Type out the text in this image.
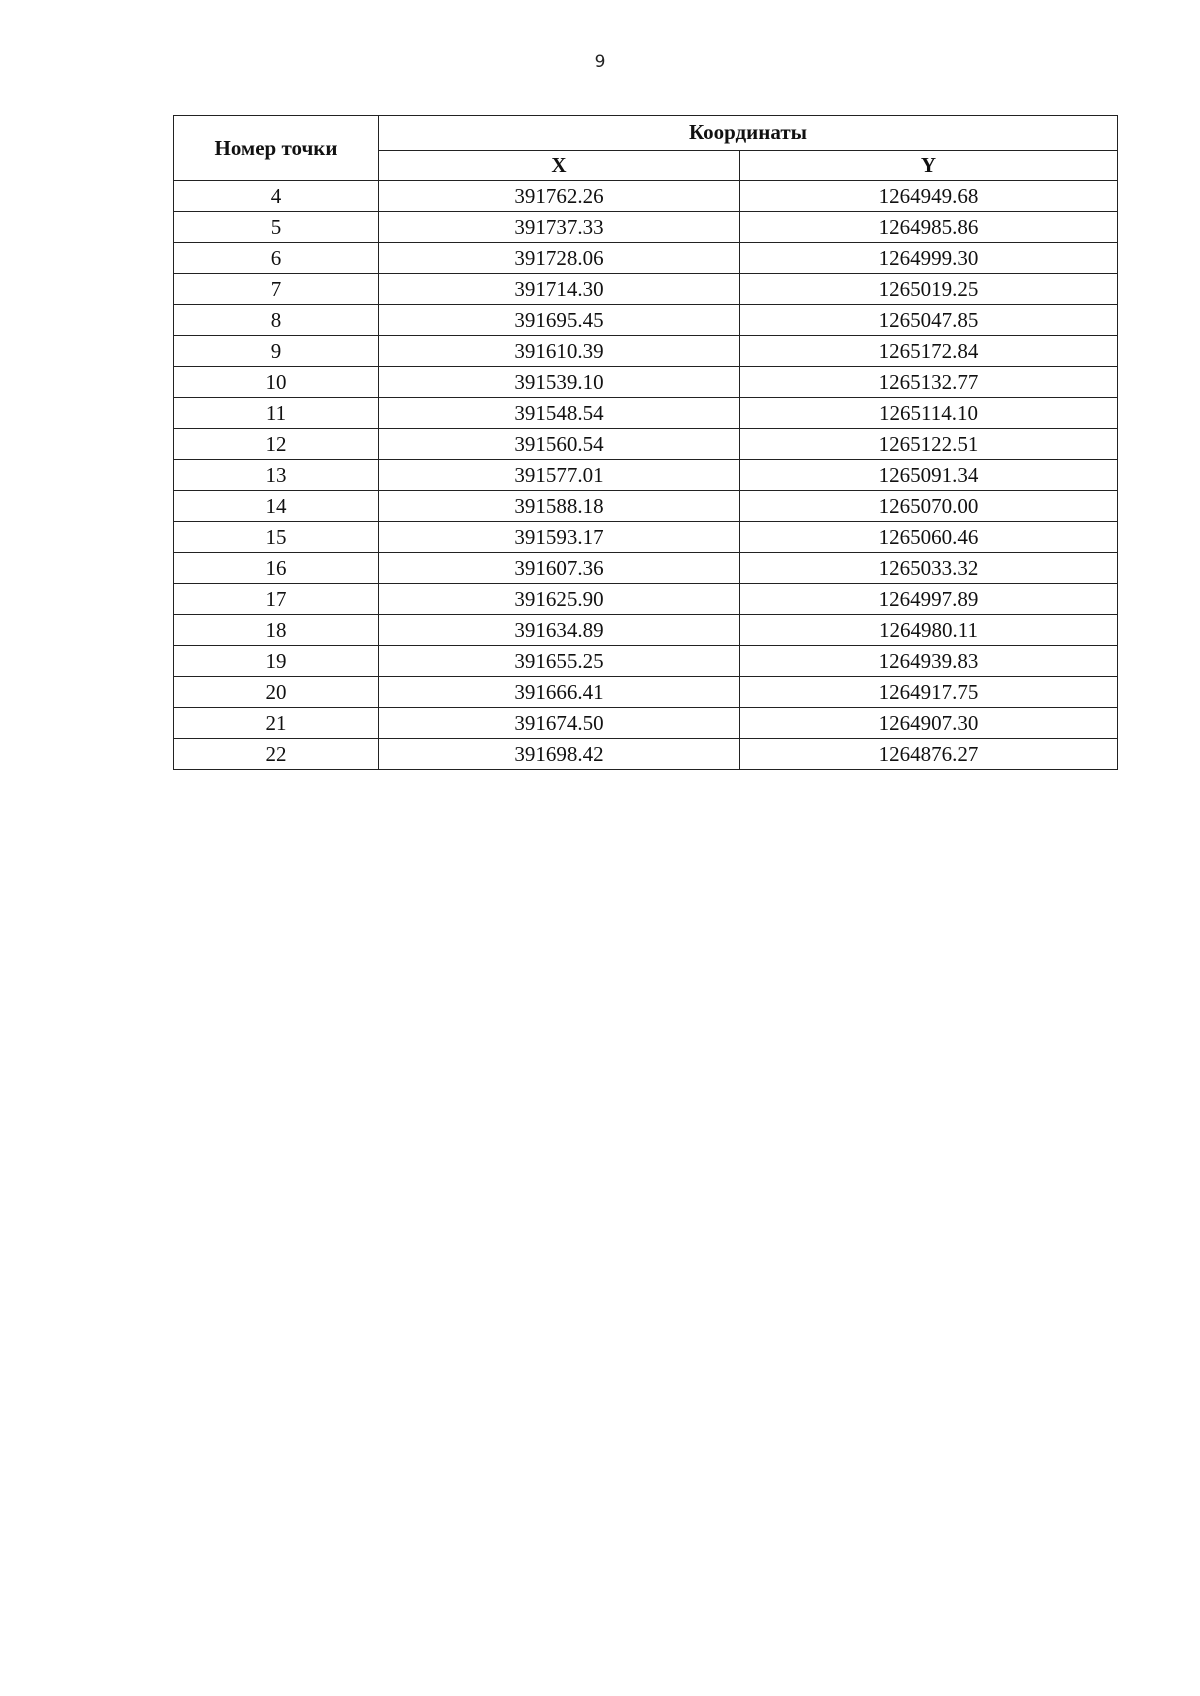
9
Номер точки	Координаты	
	X	Y
4	391762.26	1264949.68
5	391737.33	1264985.86
6	391728.06	1264999.30
7	391714.30	1265019.25
8	391695.45	1265047.85
9	391610.39	1265172.84
10	391539.10	1265132.77
11	391548.54	1265114.10
12	391560.54	1265122.51
13	391577.01	1265091.34
14	391588.18	1265070.00
15	391593.17	1265060.46
16	391607.36	1265033.32
17	391625.90	1264997.89
18	391634.89	1264980.11
19	391655.25	1264939.83
20	391666.41	1264917.75
21	391674.50	1264907.30
22	391698.42	1264876.27
